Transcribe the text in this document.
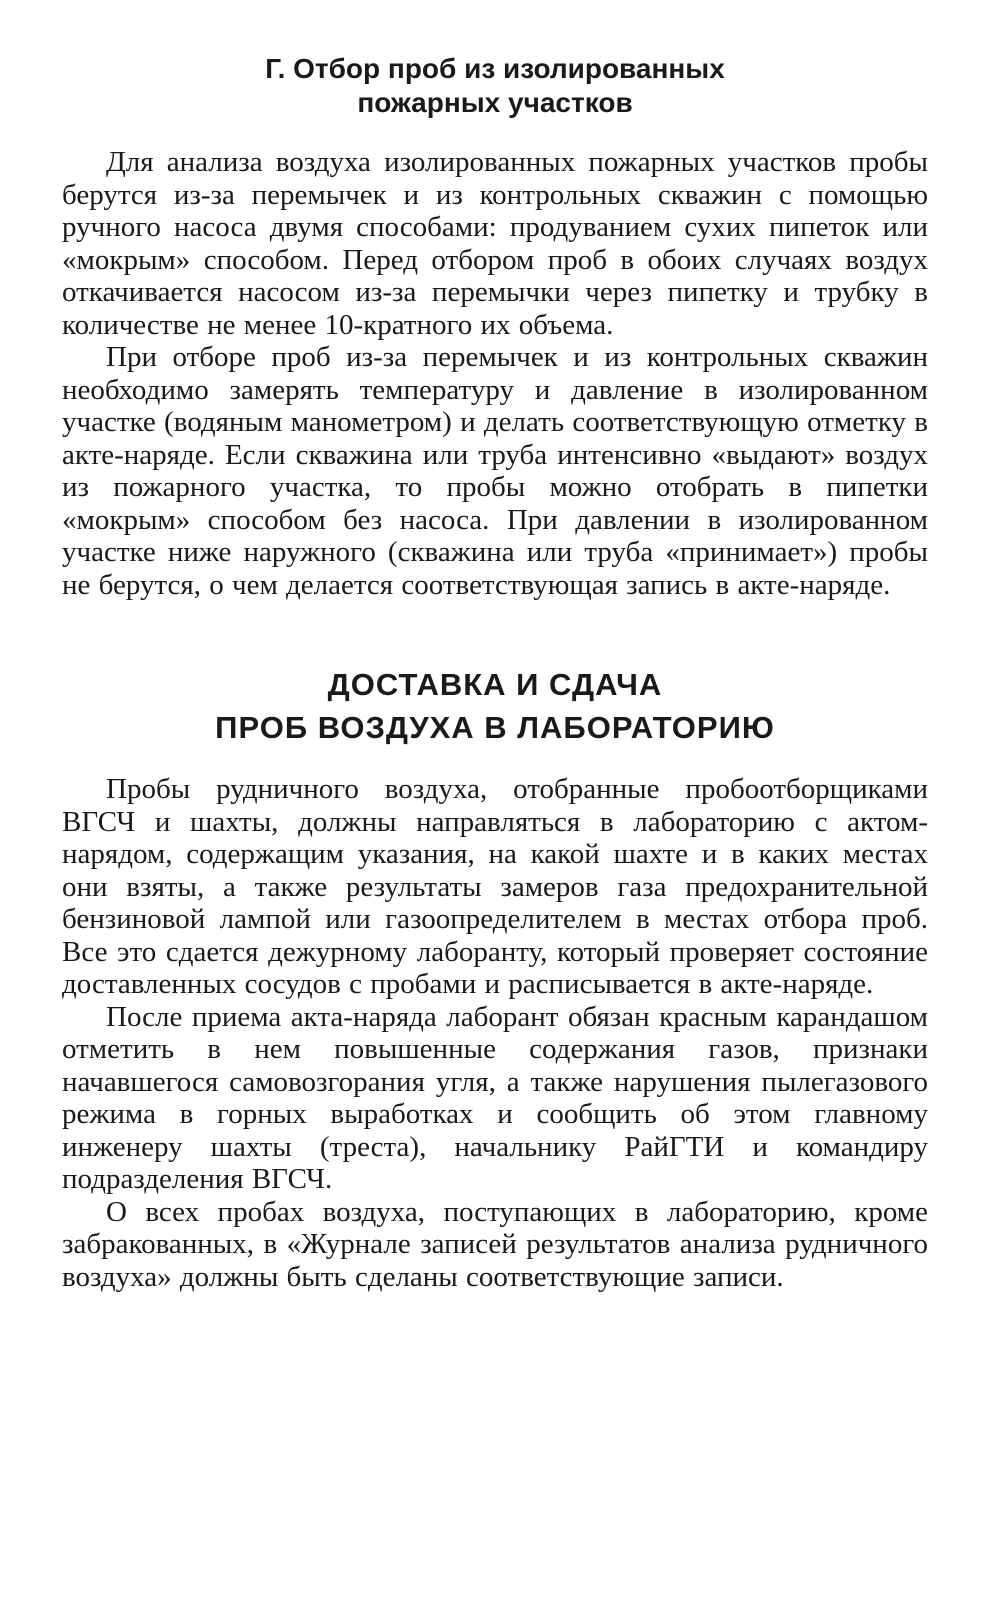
Г. Отбор проб из изолированных
пожарных участков

Для анализа воздуха изолированных пожарных участков пробы берутся из-за перемычек и из контрольных скважин с помощью ручного насоса двумя способами: продуванием сухих пипеток или «мокрым» способом. Перед отбором проб в обоих случаях воздух откачивается насосом из-за перемычки через пипетку и трубку в количестве не менее 10-кратного их объема.

При отборе проб из-за перемычек и из контрольных скважин необходимо замерять температуру и давление в изолированном участке (водяным манометром) и делать соответствующую отметку в акте-наряде. Если скважина или труба интенсивно «выдают» воздух из пожарного участка, то пробы можно отобрать в пипетки «мокрым» способом без насоса. При давлении в изолированном участке ниже наружного (скважина или труба «принимает») пробы не берутся, о чем делается соответствующая запись в акте-наряде.

ДОСТАВКА И СДАЧА
ПРОБ ВОЗДУХА В ЛАБОРАТОРИЮ

Пробы рудничного воздуха, отобранные пробоотборщиками ВГСЧ и шахты, должны направляться в лабораторию с актом-нарядом, содержащим указания, на какой шахте и в каких местах они взяты, а также результаты замеров газа предохранительной бензиновой лампой или газоопределителем в местах отбора проб. Все это сдается дежурному лаборанту, который проверяет состояние доставленных сосудов с пробами и расписывается в акте-наряде.

После приема акта-наряда лаборант обязан красным карандашом отметить в нем повышенные содержания газов, признаки начавшегося самовозгорания угля, а также нарушения пылегазового режима в горных выработках и сообщить об этом главному инженеру шахты (треста), начальнику РайГТИ и командиру подразделения ВГСЧ.

О всех пробах воздуха, поступающих в лабораторию, кроме забракованных, в «Журнале записей результатов анализа рудничного воздуха» должны быть сделаны соответствующие записи.
